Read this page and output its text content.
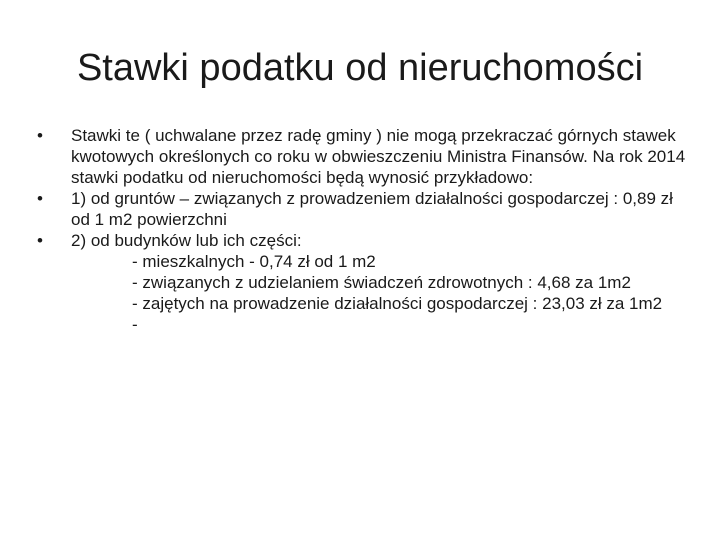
Stawki podatku od nieruchomości

•	Stawki te ( uchwalane przez radę gminy ) nie mogą przekraczać górnych stawek kwotowych określonych co roku w obwieszczeniu Ministra Finansów. Na rok 2014 stawki podatku od nieruchomości będą wynosić przykładowo:

•	1) od gruntów – związanych z prowadzeniem działalności gospodarczej : 0,89 zł od 1 m2 powierzchni

•	2) od budynków lub ich części:

- mieszkalnych - 0,74 zł od 1 m2

- związanych z udzielaniem świadczeń zdrowotnych : 4,68 za 1m2

- zajętych na prowadzenie działalności gospodarczej : 23,03 zł za 1m2

-
